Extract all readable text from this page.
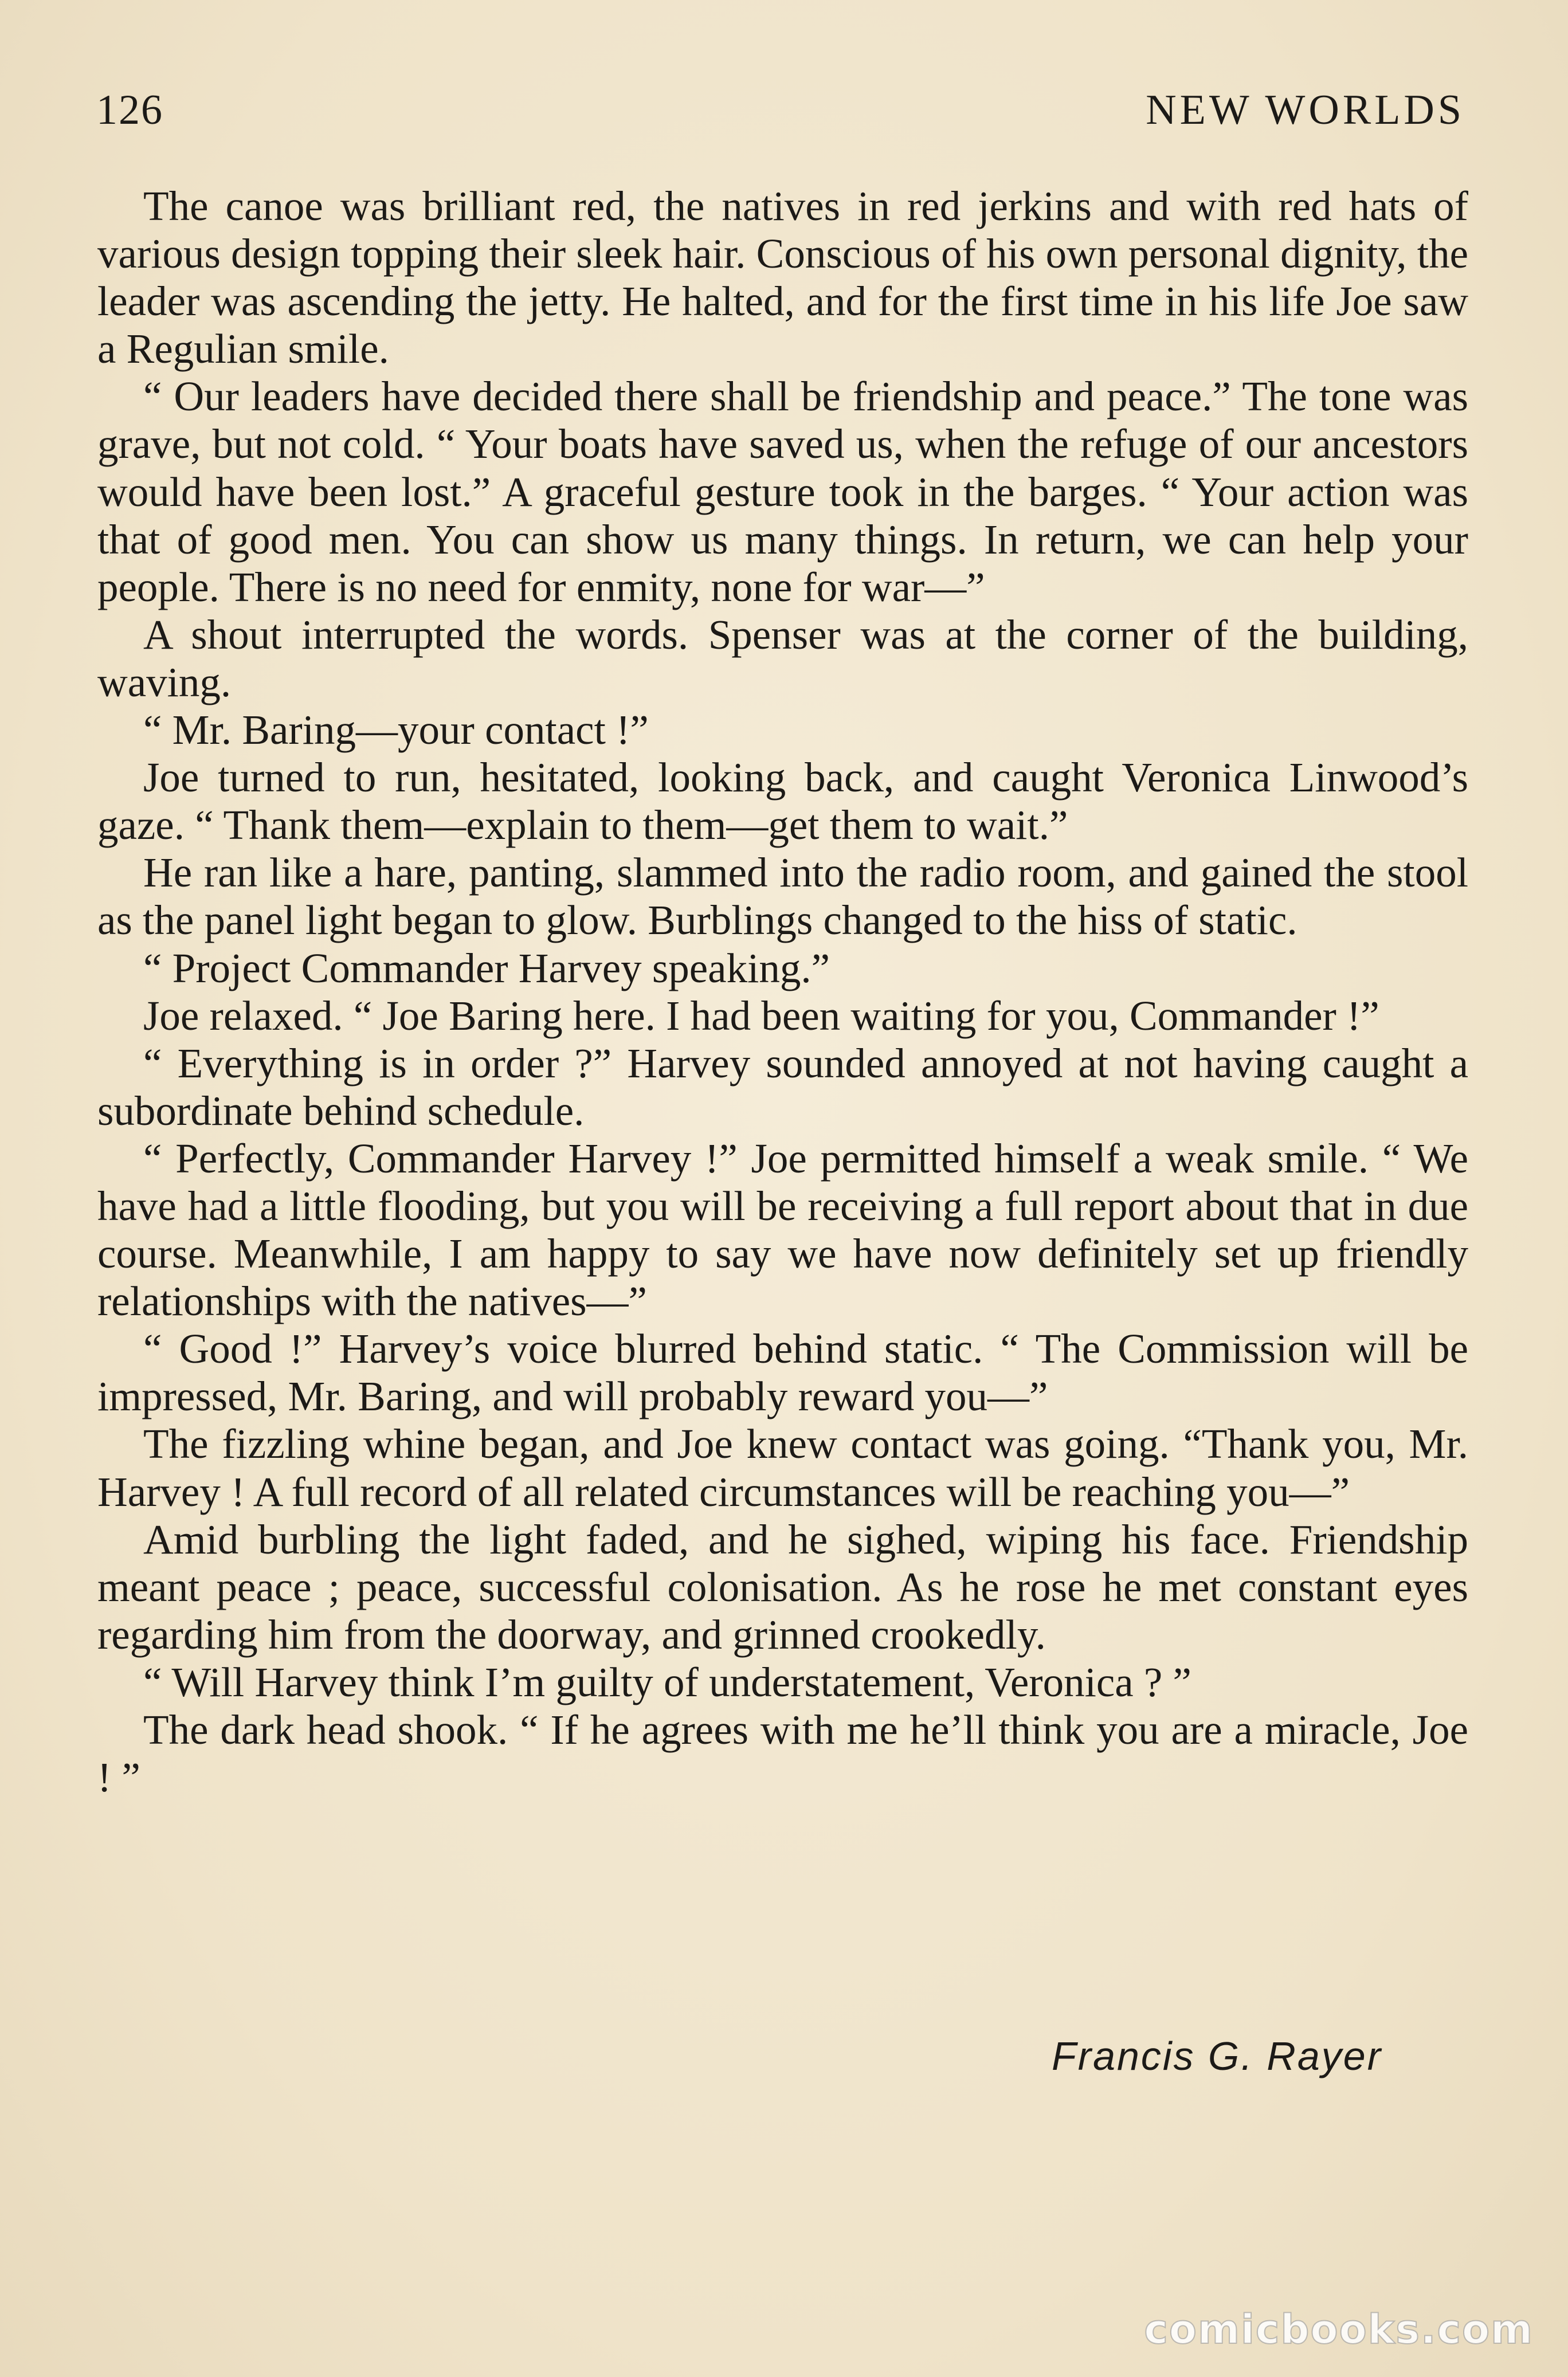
126	NEW WORLDS

The canoe was brilliant red, the natives in red jerkins and with red hats of various design topping their sleek hair. Conscious of his own personal dignity, the leader was ascending the jetty. He halted, and for the first time in his life Joe saw a Regulian smile.

“ Our leaders have decided there shall be friendship and peace.” The tone was grave, but not cold. “ Your boats have saved us, when the refuge of our ancestors would have been lost.” A graceful gesture took in the barges. “ Your action was that of good men. You can show us many things. In return, we can help your people. There is no need for enmity, none for war—”

A shout interrupted the words. Spenser was at the corner of the building, waving.

“ Mr. Baring—your contact !”

Joe turned to run, hesitated, looking back, and caught Veronica Linwood’s gaze. “ Thank them—explain to them—get them to wait.”

He ran like a hare, panting, slammed into the radio room, and gained the stool as the panel light began to glow. Burblings changed to the hiss of static.

“ Project Commander Harvey speaking.”

Joe relaxed. “ Joe Baring here. I had been waiting for you, Commander !”

“ Everything is in order ?” Harvey sounded annoyed at not having caught a subordinate behind schedule.

“ Perfectly, Commander Harvey !” Joe permitted himself a weak smile. “ We have had a little flooding, but you will be receiving a full report about that in due course. Meanwhile, I am happy to say we have now definitely set up friendly relationships with the natives—”

“ Good !” Harvey’s voice blurred behind static. “ The Commission will be impressed, Mr. Baring, and will probably reward you—”

The fizzling whine began, and Joe knew contact was going. “Thank you, Mr. Harvey ! A full record of all related circumstances will be reaching you—”

Amid burbling the light faded, and he sighed, wiping his face. Friendship meant peace ; peace, successful colonisation. As he rose he met constant eyes regarding him from the doorway, and grinned crookedly.

“ Will Harvey think I’m guilty of understatement, Veronica ? ”

The dark head shook. “ If he agrees with me he’ll think you are a miracle, Joe ! ”

Francis G. Rayer
comicbooks.com
